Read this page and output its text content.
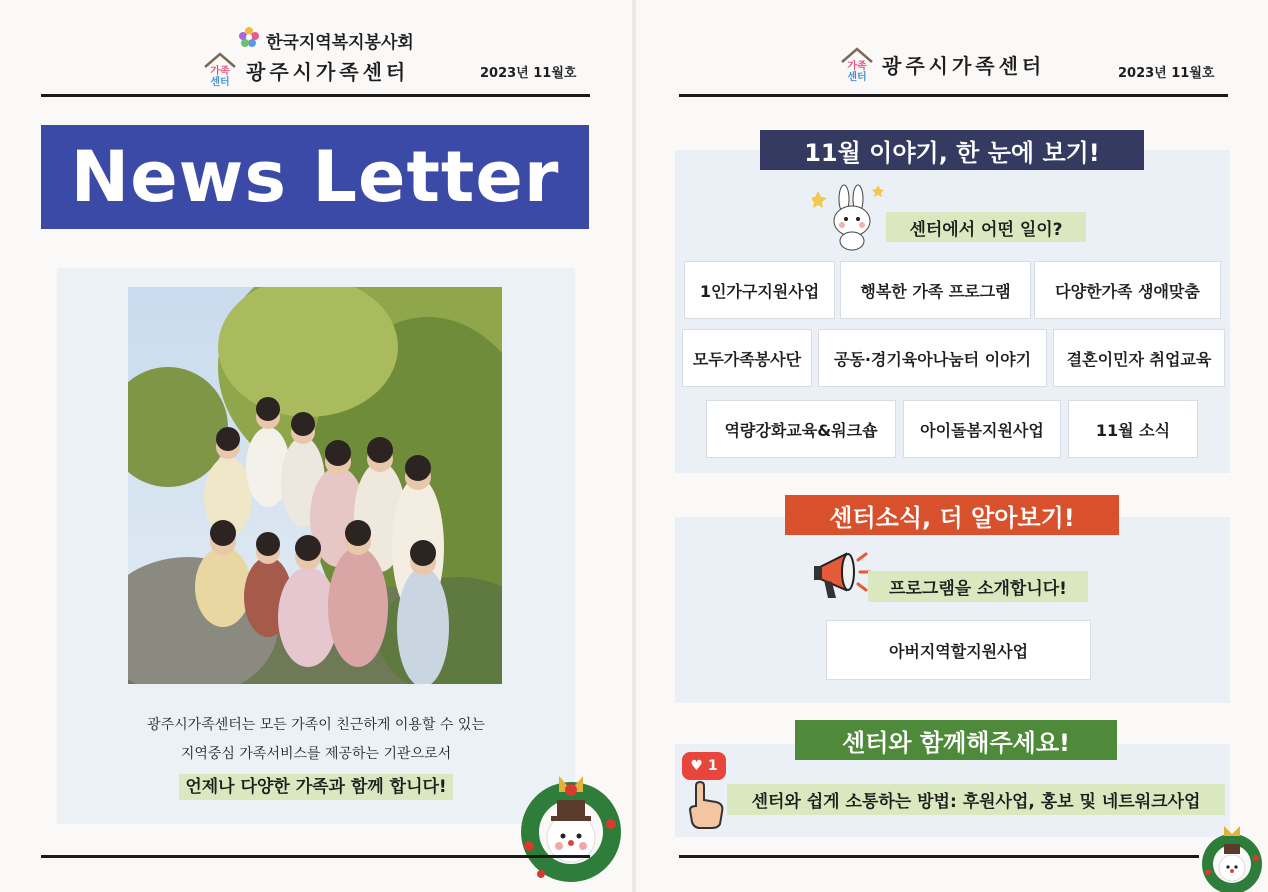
한국지역복지봉사회
가족
센터 광주시가족센터	2023년 11월호
News Letter
광주시가족센터는 모든 가족이 친근하게 이용할 수 있는
지역중심 가족서비스를 제공하는 기관으로서
언제나 다양한 가족과 함께 합니다!
가족
센터 광주시가족센터	2023년 11월호
11월 이야기, 한 눈에 보기!
센터에서 어떤 일이?
1인가구지원사업	행복한 가족 프로그램	다양한가족 생애맞춤
모두가족봉사단	공동·경기육아나눔터 이야기	결혼이민자 취업교육
역량강화교육&워크숍	아이돌봄지원사업	11월 소식
센터소식, 더 알아보기!
프로그램을 소개합니다!
아버지역할지원사업
센터와 함께해주세요!
♥
1
센터와 쉽게 소통하는 방법: 후원사업, 홍보 및 네트워크사업
